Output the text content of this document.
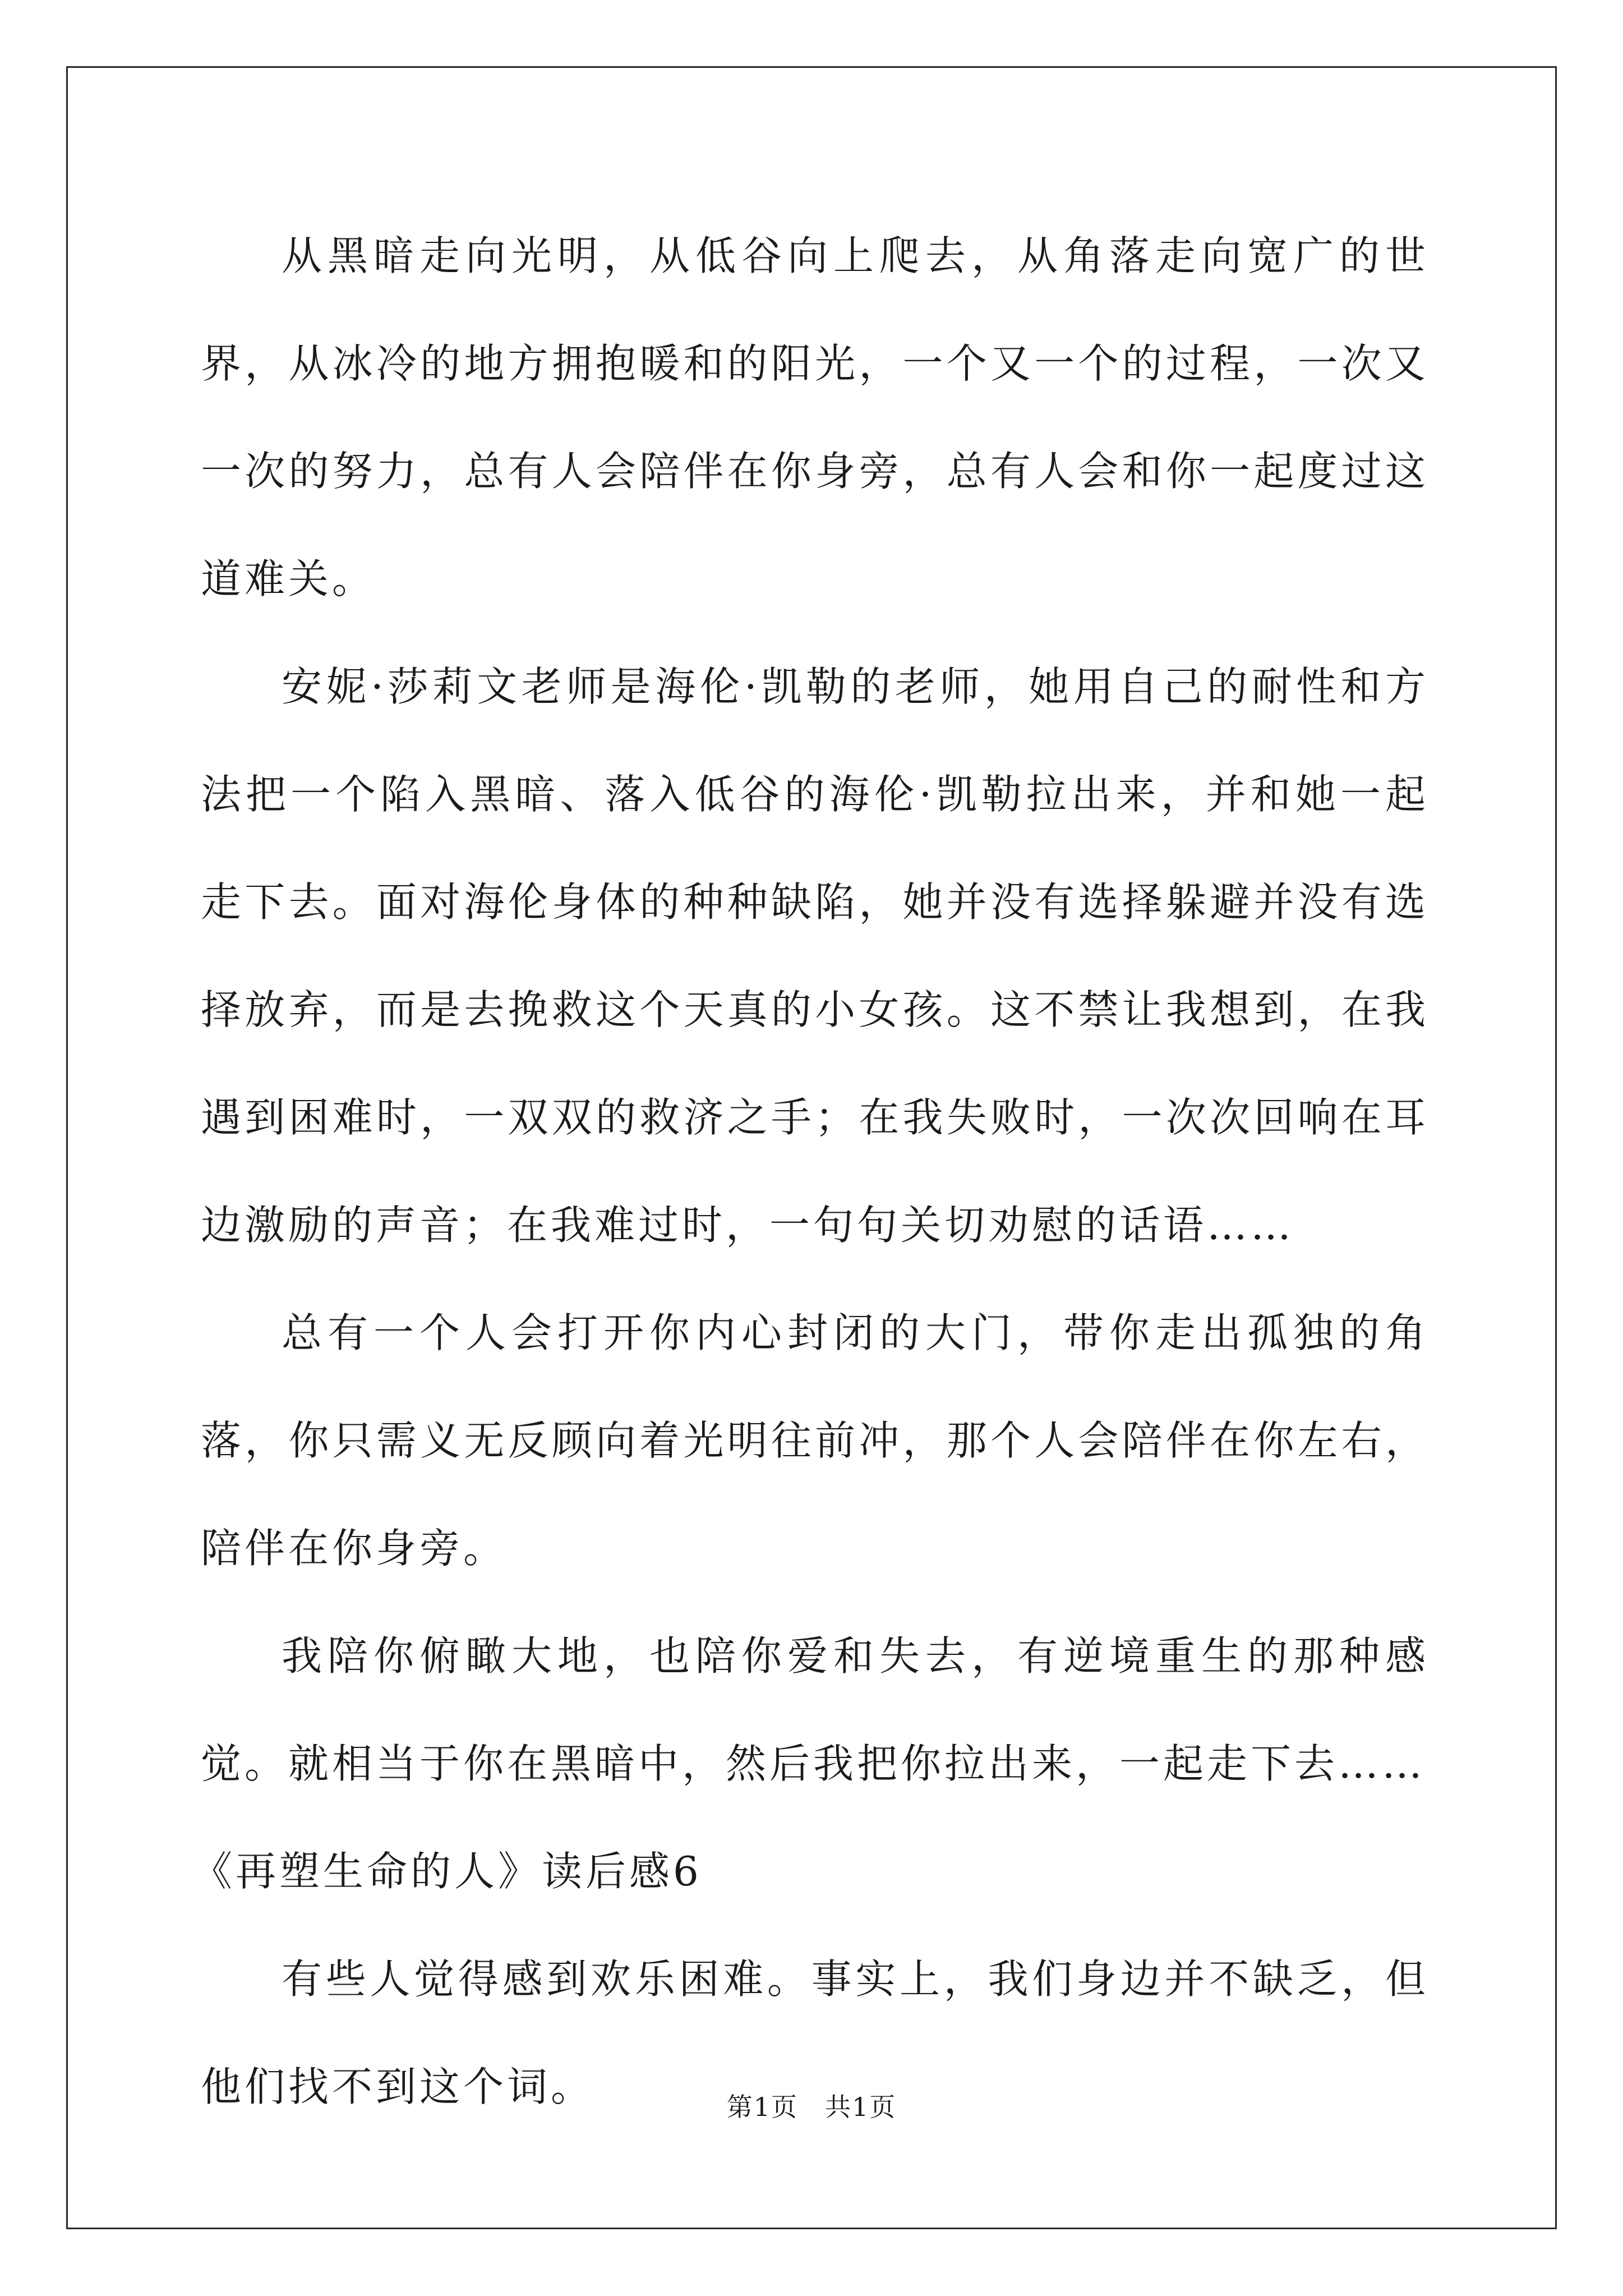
从黑暗走向光明，从低谷向上爬去，从角落走向宽广的世界，从冰冷的地方拥抱暖和的阳光，一个又一个的过程，一次又一次的努力，总有人会陪伴在你身旁，总有人会和你一起度过这道难关。

安妮·莎莉文老师是海伦·凯勒的老师，她用自己的耐性和方法把一个陷入黑暗、落入低谷的海伦·凯勒拉出来，并和她一起走下去。面对海伦身体的种种缺陷，她并没有选择躲避并没有选择放弃，而是去挽救这个天真的小女孩。这不禁让我想到，在我遇到困难时，一双双的救济之手；在我失败时，一次次回响在耳边激励的声音；在我难过时，一句句关切劝慰的话语……

总有一个人会打开你内心封闭的大门，带你走出孤独的角落，你只需义无反顾向着光明往前冲，那个人会陪伴在你左右，陪伴在你身旁。

我陪你俯瞰大地，也陪你爱和失去，有逆境重生的那种感觉。就相当于你在黑暗中，然后我把你拉出来，一起走下去……

《再塑生命的人》读后感6

有些人觉得感到欢乐困难。事实上，我们身边并不缺乏，但他们找不到这个词。	第1页 共1页
